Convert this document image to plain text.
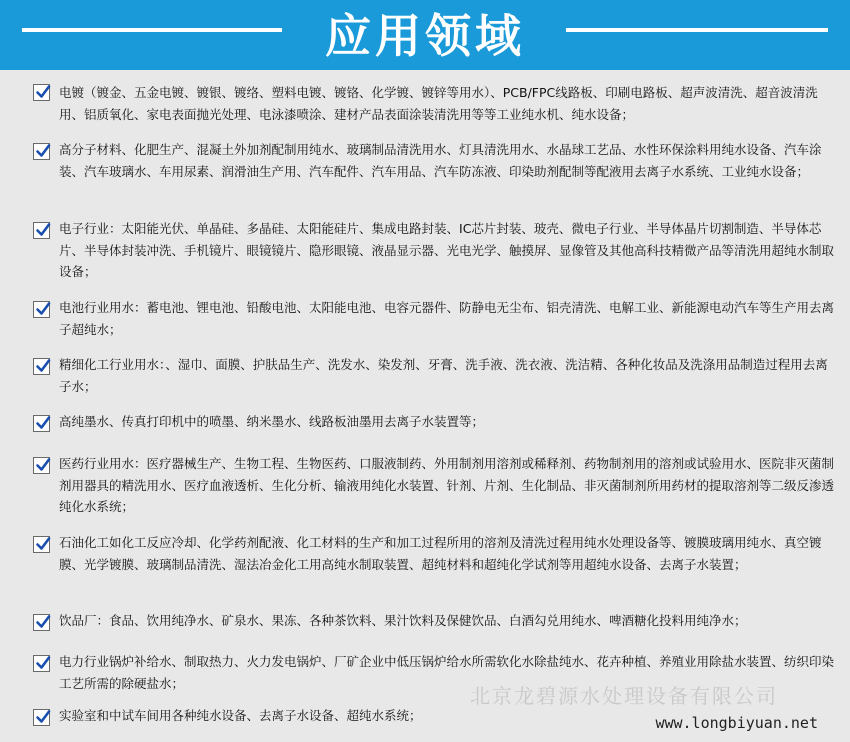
应用领域
电镀（镀金、五金电镀、镀银、镀络、塑料电镀、镀铬、化学镀、镀锌等用水）、PCB/FPC线路板、印刷电路板、超声波清洗、超音波清洗用、铝质氧化、家电表面抛光处理、电泳漆喷涂、建材产品表面涂装清洗用等等工业纯水机、纯水设备；
高分子材料、化肥生产、混凝土外加剂配制用纯水、玻璃制品清洗用水、灯具清洗用水、水晶球工艺品、水性环保涂料用纯水设备、汽车涂装、汽车玻璃水、车用尿素、润滑油生产用、汽车配件、汽车用品、汽车防冻液、印染助剂配制等配液用去离子水系统、工业纯水设备；
电子行业：太阳能光伏、单晶硅、多晶硅、太阳能硅片、集成电路封装、IC芯片封装、玻壳、微电子行业、半导体晶片切割制造、半导体芯片、半导体封装冲洗、手机镜片、眼镜镜片、隐形眼镜、液晶显示器、光电光学、触摸屏、显像管及其他高科技精微产品等清洗用超纯水制取设备；
电池行业用水：蓄电池、锂电池、铅酸电池、太阳能电池、电容元器件、防静电无尘布、铝壳清洗、电解工业、新能源电动汽车等生产用去离子超纯水；
精细化工行业用水：、湿巾、面膜、护肤品生产、洗发水、染发剂、牙膏、洗手液、洗衣液、洗洁精、各种化妆品及洗涤用品制造过程用去离子水；
高纯墨水、传真打印机中的喷墨、纳米墨水、线路板油墨用去离子水装置等；
医药行业用水：医疗器械生产、生物工程、生物医药、口服液制药、外用制剂用溶剂或稀释剂、药物制剂用的溶剂或试验用水、医院非灭菌制剂用器具的精洗用水、医疗血液透析、生化分析、输液用纯化水装置、针剂、片剂、生化制品、非灭菌制剂所用药材的提取溶剂等二级反渗透纯化水系统；
石油化工如化工反应冷却、化学药剂配液、化工材料的生产和加工过程所用的溶剂及清洗过程用纯水处理设备等、镀膜玻璃用纯水、真空镀膜、光学镀膜、玻璃制品清洗、湿法冶金化工用高纯水制取装置、超纯材料和超纯化学试剂等用超纯水设备、去离子水装置；
饮品厂：食品、饮用纯净水、矿泉水、果冻、各种茶饮料、果汁饮料及保健饮品、白酒勾兑用纯水、啤酒糖化投料用纯净水；
电力行业锅炉补给水、制取热力、火力发电锅炉、厂矿企业中低压锅炉给水所需软化水除盐纯水、花卉种植、养殖业用除盐水装置、纺织印染工艺所需的除硬盐水；
实验室和中试车间用各种纯水设备、去离子水设备、超纯水系统；
北京龙碧源水处理设备有限公司
www.longbiyuan.net
